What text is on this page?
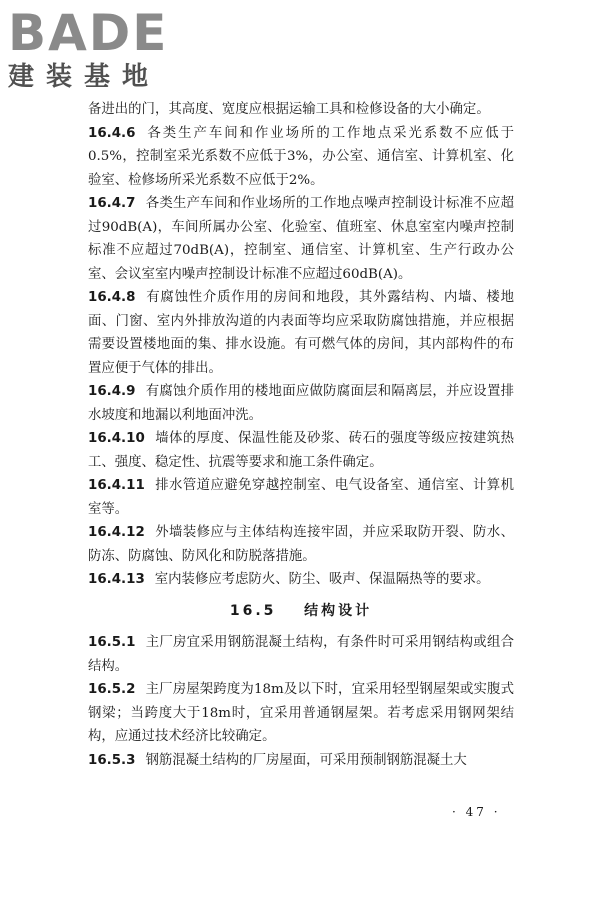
BADE
建装基地

备进出的门，其高度、宽度应根据运输工具和检修设备的大小确定。

16.4.6 各类生产车间和作业场所的工作地点采光系数不应低于0.5%，控制室采光系数不应低于3%，办公室、通信室、计算机室、化验室、检修场所采光系数不应低于2%。

16.4.7 各类生产车间和作业场所的工作地点噪声控制设计标准不应超过90dB(A)，车间所属办公室、化验室、值班室、休息室室内噪声控制标准不应超过70dB(A)，控制室、通信室、计算机室、生产行政办公室、会议室室内噪声控制设计标准不应超过60dB(A)。

16.4.8 有腐蚀性介质作用的房间和地段，其外露结构、内墙、楼地面、门窗、室内外排放沟道的内表面等均应采取防腐蚀措施，并应根据需要设置楼地面的集、排水设施。有可燃气体的房间，其内部构件的布置应便于气体的排出。

16.4.9 有腐蚀介质作用的楼地面应做防腐面层和隔离层，并应设置排水坡度和地漏以利地面冲洗。

16.4.10 墙体的厚度、保温性能及砂浆、砖石的强度等级应按建筑热工、强度、稳定性、抗震等要求和施工条件确定。

16.4.11 排水管道应避免穿越控制室、电气设备室、通信室、计算机室等。

16.4.12 外墙装修应与主体结构连接牢固，并应采取防开裂、防水、防冻、防腐蚀、防风化和防脱落措施。

16.4.13 室内装修应考虑防火、防尘、吸声、保温隔热等的要求。

16.5 结构设计

16.5.1 主厂房宜采用钢筋混凝土结构，有条件时可采用钢结构或组合结构。

16.5.2 主厂房屋架跨度为18m及以下时，宜采用轻型钢屋架或实腹式钢梁；当跨度大于18m时，宜采用普通钢屋架。若考虑采用钢网架结构，应通过技术经济比较确定。

16.5.3 钢筋混凝土结构的厂房屋面，可采用预制钢筋混凝土大

· 47 ·
